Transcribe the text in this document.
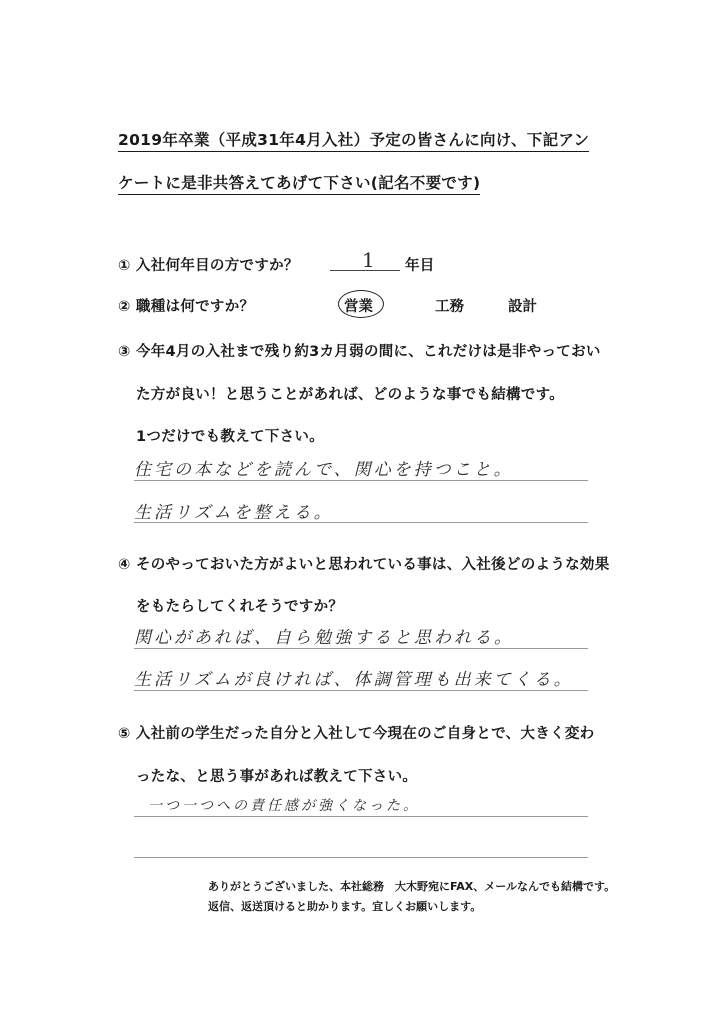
2019年卒業（平成31年4月入社）予定の皆さんに向け、下記アン
ケートに是非共答えてあげて下さい(記名不要です)
① 入社何年目の方ですか？	1 年目
② 職種は何ですか？	営業	工務	設計
③ 今年4月の入社まで残り約3カ月弱の間に、これだけは是非やっておい
た方が良い！と思うことがあれば、どのような事でも結構です。
1つだけでも教えて下さい。
住宅の本などを読んで、関心を持つこと。
生活リズムを整える。
④ そのやっておいた方がよいと思われている事は、入社後どのような効果
をもたらしてくれそうですか？
関心があれば、自ら勉強すると思われる。
生活リズムが良ければ、体調管理も出来てくる。
⑤ 入社前の学生だった自分と入社して今現在のご自身とで、大きく変わ
ったな、と思う事があれば教えて下さい。
一つ一つへの責任感が強くなった。
ありがとうございました、本社総務　大木野宛にFAX、メールなんでも結構です。
返信、返送頂けると助かります。宜しくお願いします。
